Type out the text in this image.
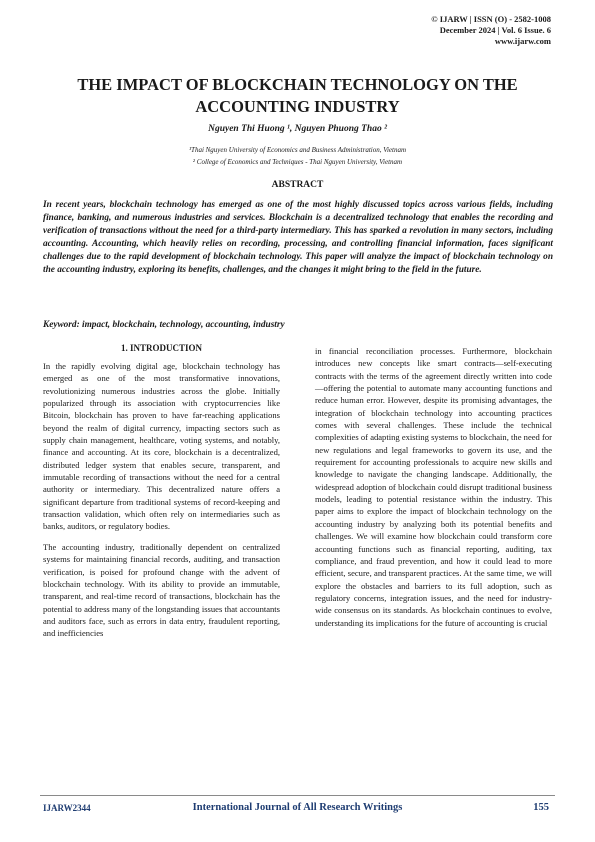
© IJARW | ISSN (O) - 2582-1008
December 2024 | Vol. 6 Issue. 6
www.ijarw.com
THE IMPACT OF BLOCKCHAIN TECHNOLOGY ON THE
ACCOUNTING INDUSTRY
Nguyen Thi Huong ¹, Nguyen Phuong Thao ²
¹Thai Nguyen University of Economics and Business Administration, Vietnam
² College of Economics and Techniques - Thai Nguyen University, Vietnam
ABSTRACT
In recent years, blockchain technology has emerged as one of the most highly discussed topics across various fields, including finance, banking, and numerous industries and services. Blockchain is a decentralized technology that enables the recording and verification of transactions without the need for a third-party intermediary. This has sparked a revolution in many sectors, including accounting. Accounting, which heavily relies on recording, processing, and controlling financial information, faces significant challenges due to the rapid development of blockchain technology. This paper will analyze the impact of blockchain technology on the accounting industry, exploring its benefits, challenges, and the changes it might bring to the field in the future.
Keyword: impact, blockchain, technology, accounting, industry
1. INTRODUCTION

In the rapidly evolving digital age, blockchain technology has emerged as one of the most transformative innovations, revolutionizing numerous industries across the globe. Initially popularized through its association with cryptocurrencies like Bitcoin, blockchain has proven to have far-reaching applications beyond the realm of digital currency, impacting sectors such as supply chain management, healthcare, voting systems, and notably, finance and accounting. At its core, blockchain is a decentralized, distributed ledger system that enables secure, transparent, and immutable recording of transactions without the need for a central authority or intermediary. This decentralized nature offers a significant departure from traditional systems of record-keeping and transaction validation, which often rely on intermediaries such as banks, auditors, or regulatory bodies.

The accounting industry, traditionally dependent on centralized systems for maintaining financial records, auditing, and transaction verification, is poised for profound change with the advent of blockchain technology. With its ability to provide an immutable, transparent, and real-time record of transactions, blockchain has the potential to address many of the longstanding issues that accountants and auditors face, such as errors in data entry, fraudulent reporting, and inefficiencies

in financial reconciliation processes. Furthermore, blockchain introduces new concepts like smart contracts—self-executing contracts with the terms of the agreement directly written into code—offering the potential to automate many accounting functions and reduce human error. However, despite its promising advantages, the integration of blockchain technology into accounting practices comes with several challenges. These include the technical complexities of adapting existing systems to blockchain, the need for new regulations and legal frameworks to govern its use, and the requirement for accounting professionals to acquire new skills and knowledge to navigate the changing landscape. Additionally, the widespread adoption of blockchain could disrupt traditional business models, leading to potential resistance within the industry. This paper aims to explore the impact of blockchain technology on the accounting industry by analyzing both its potential benefits and challenges. We will examine how blockchain could transform core accounting functions such as financial reporting, auditing, tax compliance, and fraud prevention, and how it could lead to more efficient, secure, and transparent practices. At the same time, we will explore the obstacles and barriers to its full adoption, such as regulatory concerns, integration issues, and the need for industry-wide consensus on its standards. As blockchain continues to evolve, understanding its implications for the future of accounting is crucial

IJARW2344	International Journal of All Research Writings	155
